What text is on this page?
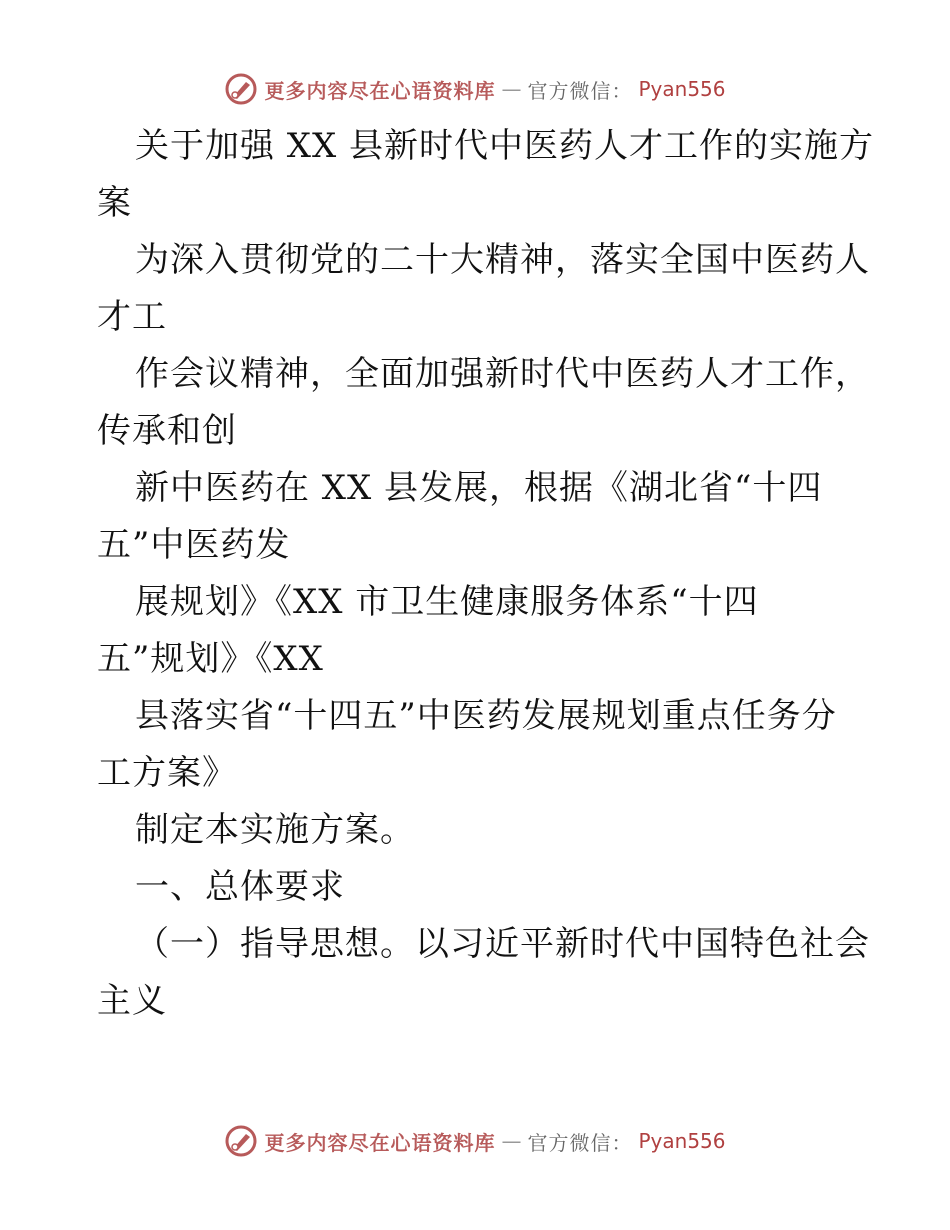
更多内容尽在心语资料库 — 官方微信： Pyan556
关于加强 XX 县新时代中医药人才工作的实施方
案
为深入贯彻党的二十大精神，落实全国中医药人
才工
作会议精神，全面加强新时代中医药人才工作，
传承和创
新中医药在 XX 县发展，根据《湖北省“十四
五”中医药发
展规划》《XX 市卫生健康服务体系“十四
五”规划》《XX
县落实省“十四五”中医药发展规划重点任务分
工方案》
制定本实施方案。
一、总体要求
（一）指导思想。以习近平新时代中国特色社会
主义
更多内容尽在心语资料库 — 官方微信： Pyan556
